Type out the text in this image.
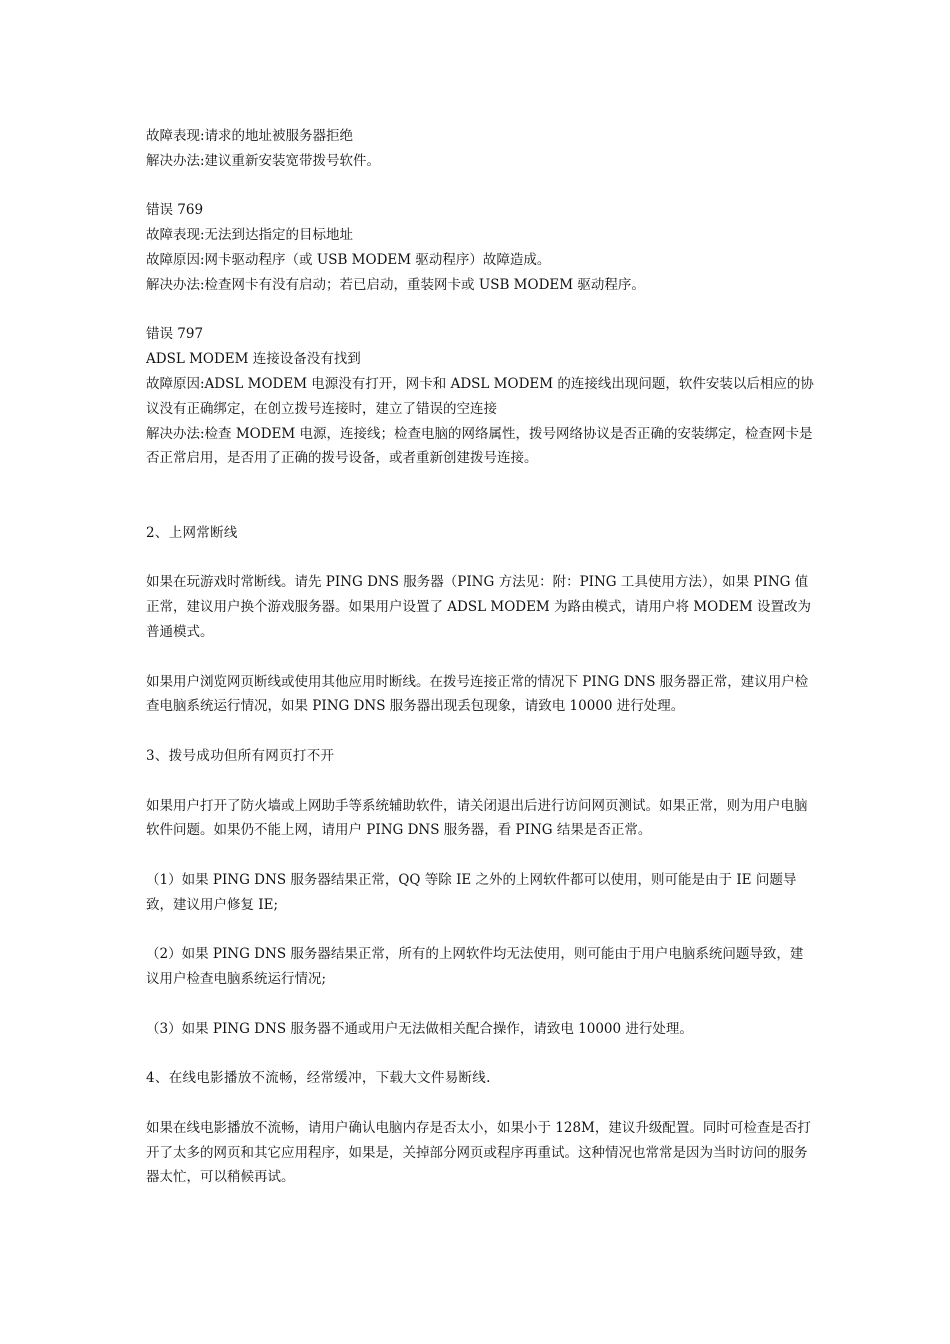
故障表现:请求的地址被服务器拒绝

解决办法:建议重新安装宽带拨号软件。

错误 769

故障表现:无法到达指定的目标地址

故障原因:网卡驱动程序（或 USB MODEM 驱动程序）故障造成。

解决办法:检查网卡有没有启动；若已启动，重装网卡或 USB MODEM 驱动程序。

错误 797

ADSL MODEM 连接设备没有找到

故障原因:ADSL MODEM 电源没有打开，网卡和 ADSL MODEM 的连接线出现问题，软件安装以后相应的协议没有正确绑定，在创立拨号连接时，建立了错误的空连接

解决办法:检查 MODEM 电源，连接线；检查电脑的网络属性，拨号网络协议是否正确的安装绑定，检查网卡是否正常启用，是否用了正确的拨号设备，或者重新创建拨号连接。

2、上网常断线

如果在玩游戏时常断线。请先 PING DNS 服务器（PING 方法见：附：PING 工具使用方法），如果 PING 值正常，建议用户换个游戏服务器。如果用户设置了 ADSL MODEM 为路由模式，请用户将 MODEM 设置改为普通模式。

如果用户浏览网页断线或使用其他应用时断线。在拨号连接正常的情况下 PING DNS 服务器正常，建议用户检查电脑系统运行情况，如果 PING DNS 服务器出现丢包现象，请致电 10000 进行处理。

3、拨号成功但所有网页打不开

如果用户打开了防火墙或上网助手等系统辅助软件，请关闭退出后进行访问网页测试。如果正常，则为用户电脑软件问题。如果仍不能上网，请用户 PING DNS 服务器，看 PING 结果是否正常。

（1）如果 PING DNS 服务器结果正常，QQ 等除 IE 之外的上网软件都可以使用，则可能是由于 IE 问题导致，建议用户修复 IE;

（2）如果 PING DNS 服务器结果正常，所有的上网软件均无法使用，则可能由于用户电脑系统问题导致，建议用户检查电脑系统运行情况;

（3）如果 PING DNS 服务器不通或用户无法做相关配合操作，请致电 10000 进行处理。

4、在线电影播放不流畅，经常缓冲，下载大文件易断线.

如果在线电影播放不流畅，请用户确认电脑内存是否太小，如果小于 128M，建议升级配置。同时可检查是否打开了太多的网页和其它应用程序，如果是，关掉部分网页或程序再重试。这种情况也常常是因为当时访问的服务器太忙，可以稍候再试。
